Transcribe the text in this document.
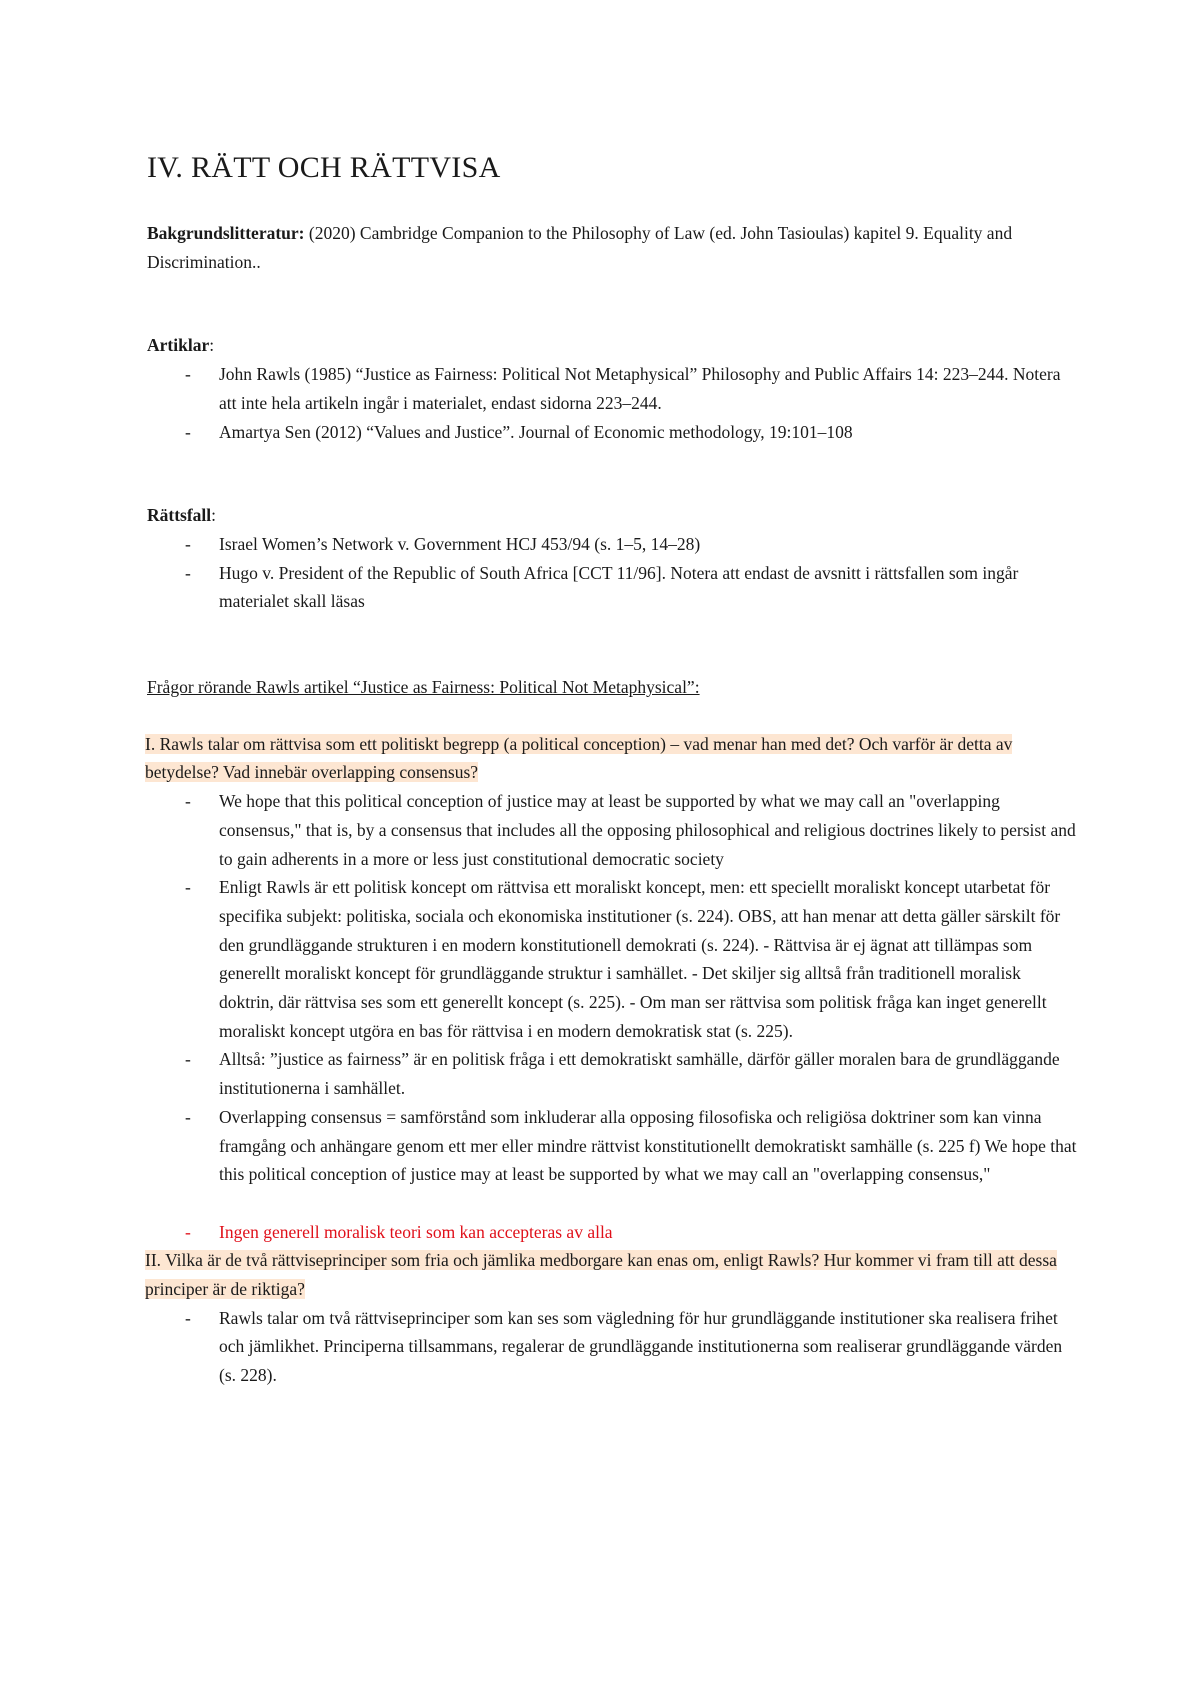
IV. RÄTT OCH RÄTTVISA

Bakgrundslitteratur: (2020) Cambridge Companion to the Philosophy of Law (ed. John Tasioulas) kapitel 9. Equality and Discrimination..

Artiklar:

- John Rawls (1985) “Justice as Fairness: Political Not Metaphysical” Philosophy and Public Affairs 14: 223–244. Notera att inte hela artikeln ingår i materialet, endast sidorna 223–244.
- Amartya Sen (2012) “Values and Justice”. Journal of Economic methodology, 19:101–108

Rättsfall:

- Israel Women’s Network v. Government HCJ 453/94 (s. 1–5, 14–28)
- Hugo v. President of the Republic of South Africa [CCT 11/96]. Notera att endast de avsnitt i rättsfallen som ingår materialet skall läsas

Frågor rörande Rawls artikel “Justice as Fairness: Political Not Metaphysical”:

I. Rawls talar om rättvisa som ett politiskt begrepp (a political conception) – vad menar han med det? Och varför är detta av betydelse? Vad innebär overlapping consensus?

- We hope that this political conception of justice may at least be supported by what we may call an "overlapping consensus," that is, by a consensus that includes all the opposing philosophical and religious doctrines likely to persist and to gain adherents in a more or less just constitutional democratic society
- Enligt Rawls är ett politisk koncept om rättvisa ett moraliskt koncept, men: ett speciellt moraliskt koncept utarbetat för specifika subjekt: politiska, sociala och ekonomiska institutioner (s. 224). OBS, att han menar att detta gäller särskilt för den grundläggande strukturen i en modern konstitutionell demokrati (s. 224). - Rättvisa är ej ägnat att tillämpas som generellt moraliskt koncept för grundläggande struktur i samhället. - Det skiljer sig alltså från traditionell moralisk doktrin, där rättvisa ses som ett generellt koncept (s. 225). - Om man ser rättvisa som politisk fråga kan inget generellt moraliskt koncept utgöra en bas för rättvisa i en modern demokratisk stat (s. 225).
- Alltså: ”justice as fairness” är en politisk fråga i ett demokratiskt samhälle, därför gäller moralen bara de grundläggande institutionerna i samhället.
- Overlapping consensus = samförstånd som inkluderar alla opposing filosofiska och religiösa doktriner som kan vinna framgång och anhängare genom ett mer eller mindre rättvist konstitutionellt demokratiskt samhälle (s. 225 f) We hope that this political conception of justice may at least be supported by what we may call an "overlapping consensus,"
- Ingen generell moralisk teori som kan accepteras av alla

II. Vilka är de två rättviseprinciper som fria och jämlika medborgare kan enas om, enligt Rawls? Hur kommer vi fram till att dessa principer är de riktiga?

- Rawls talar om två rättviseprinciper som kan ses som vägledning för hur grundläggande institutioner ska realisera frihet och jämlikhet. Principerna tillsammans, regalerar de grundläggande institutionerna som realiserar grundläggande värden (s. 228).
